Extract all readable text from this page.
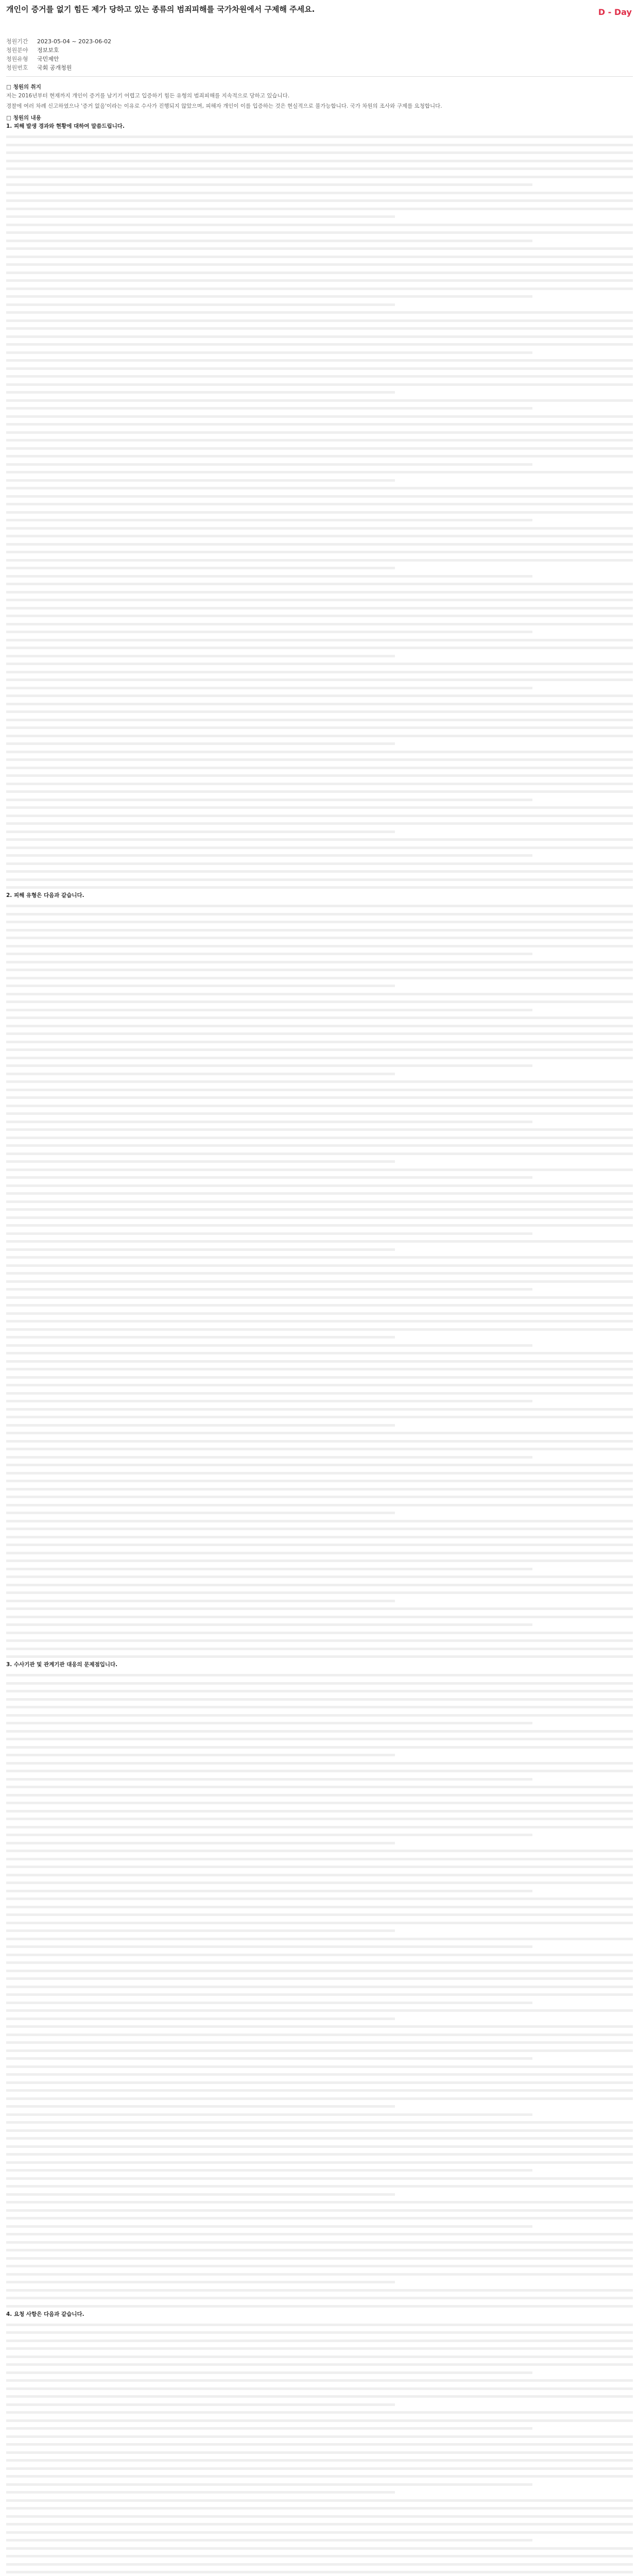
개인이 증거를 없기 힘든 제가 당하고 있는 종류의 범죄피해를 국가차원에서 구제해 주세요.	D - Day
청원기간	2023-05-04 ~ 2023-06-02
청원분야	정보보호
청원유형	국민제안
청원번호	국회 공개청원
□ 청원의 취지

저는 2016년부터 현재까지 개인이 증거를 남기기 어렵고 입증하기 힘든 유형의 범죄피해를 지속적으로 당하고 있습니다.

경찰에 여러 차례 신고하였으나 '증거 없음'이라는 이유로 수사가 진행되지 않았으며, 피해자 개인이 이를 입증하는 것은 현실적으로 불가능합니다. 국가 차원의 조사와 구제를 요청합니다.

□ 청원의 내용

1. 피해 발생 경과와 현황에 대하여 말씀드립니다.

2. 피해 유형은 다음과 같습니다.

3. 수사기관 및 관계기관 대응의 문제점입니다.

4. 요청 사항은 다음과 같습니다.
